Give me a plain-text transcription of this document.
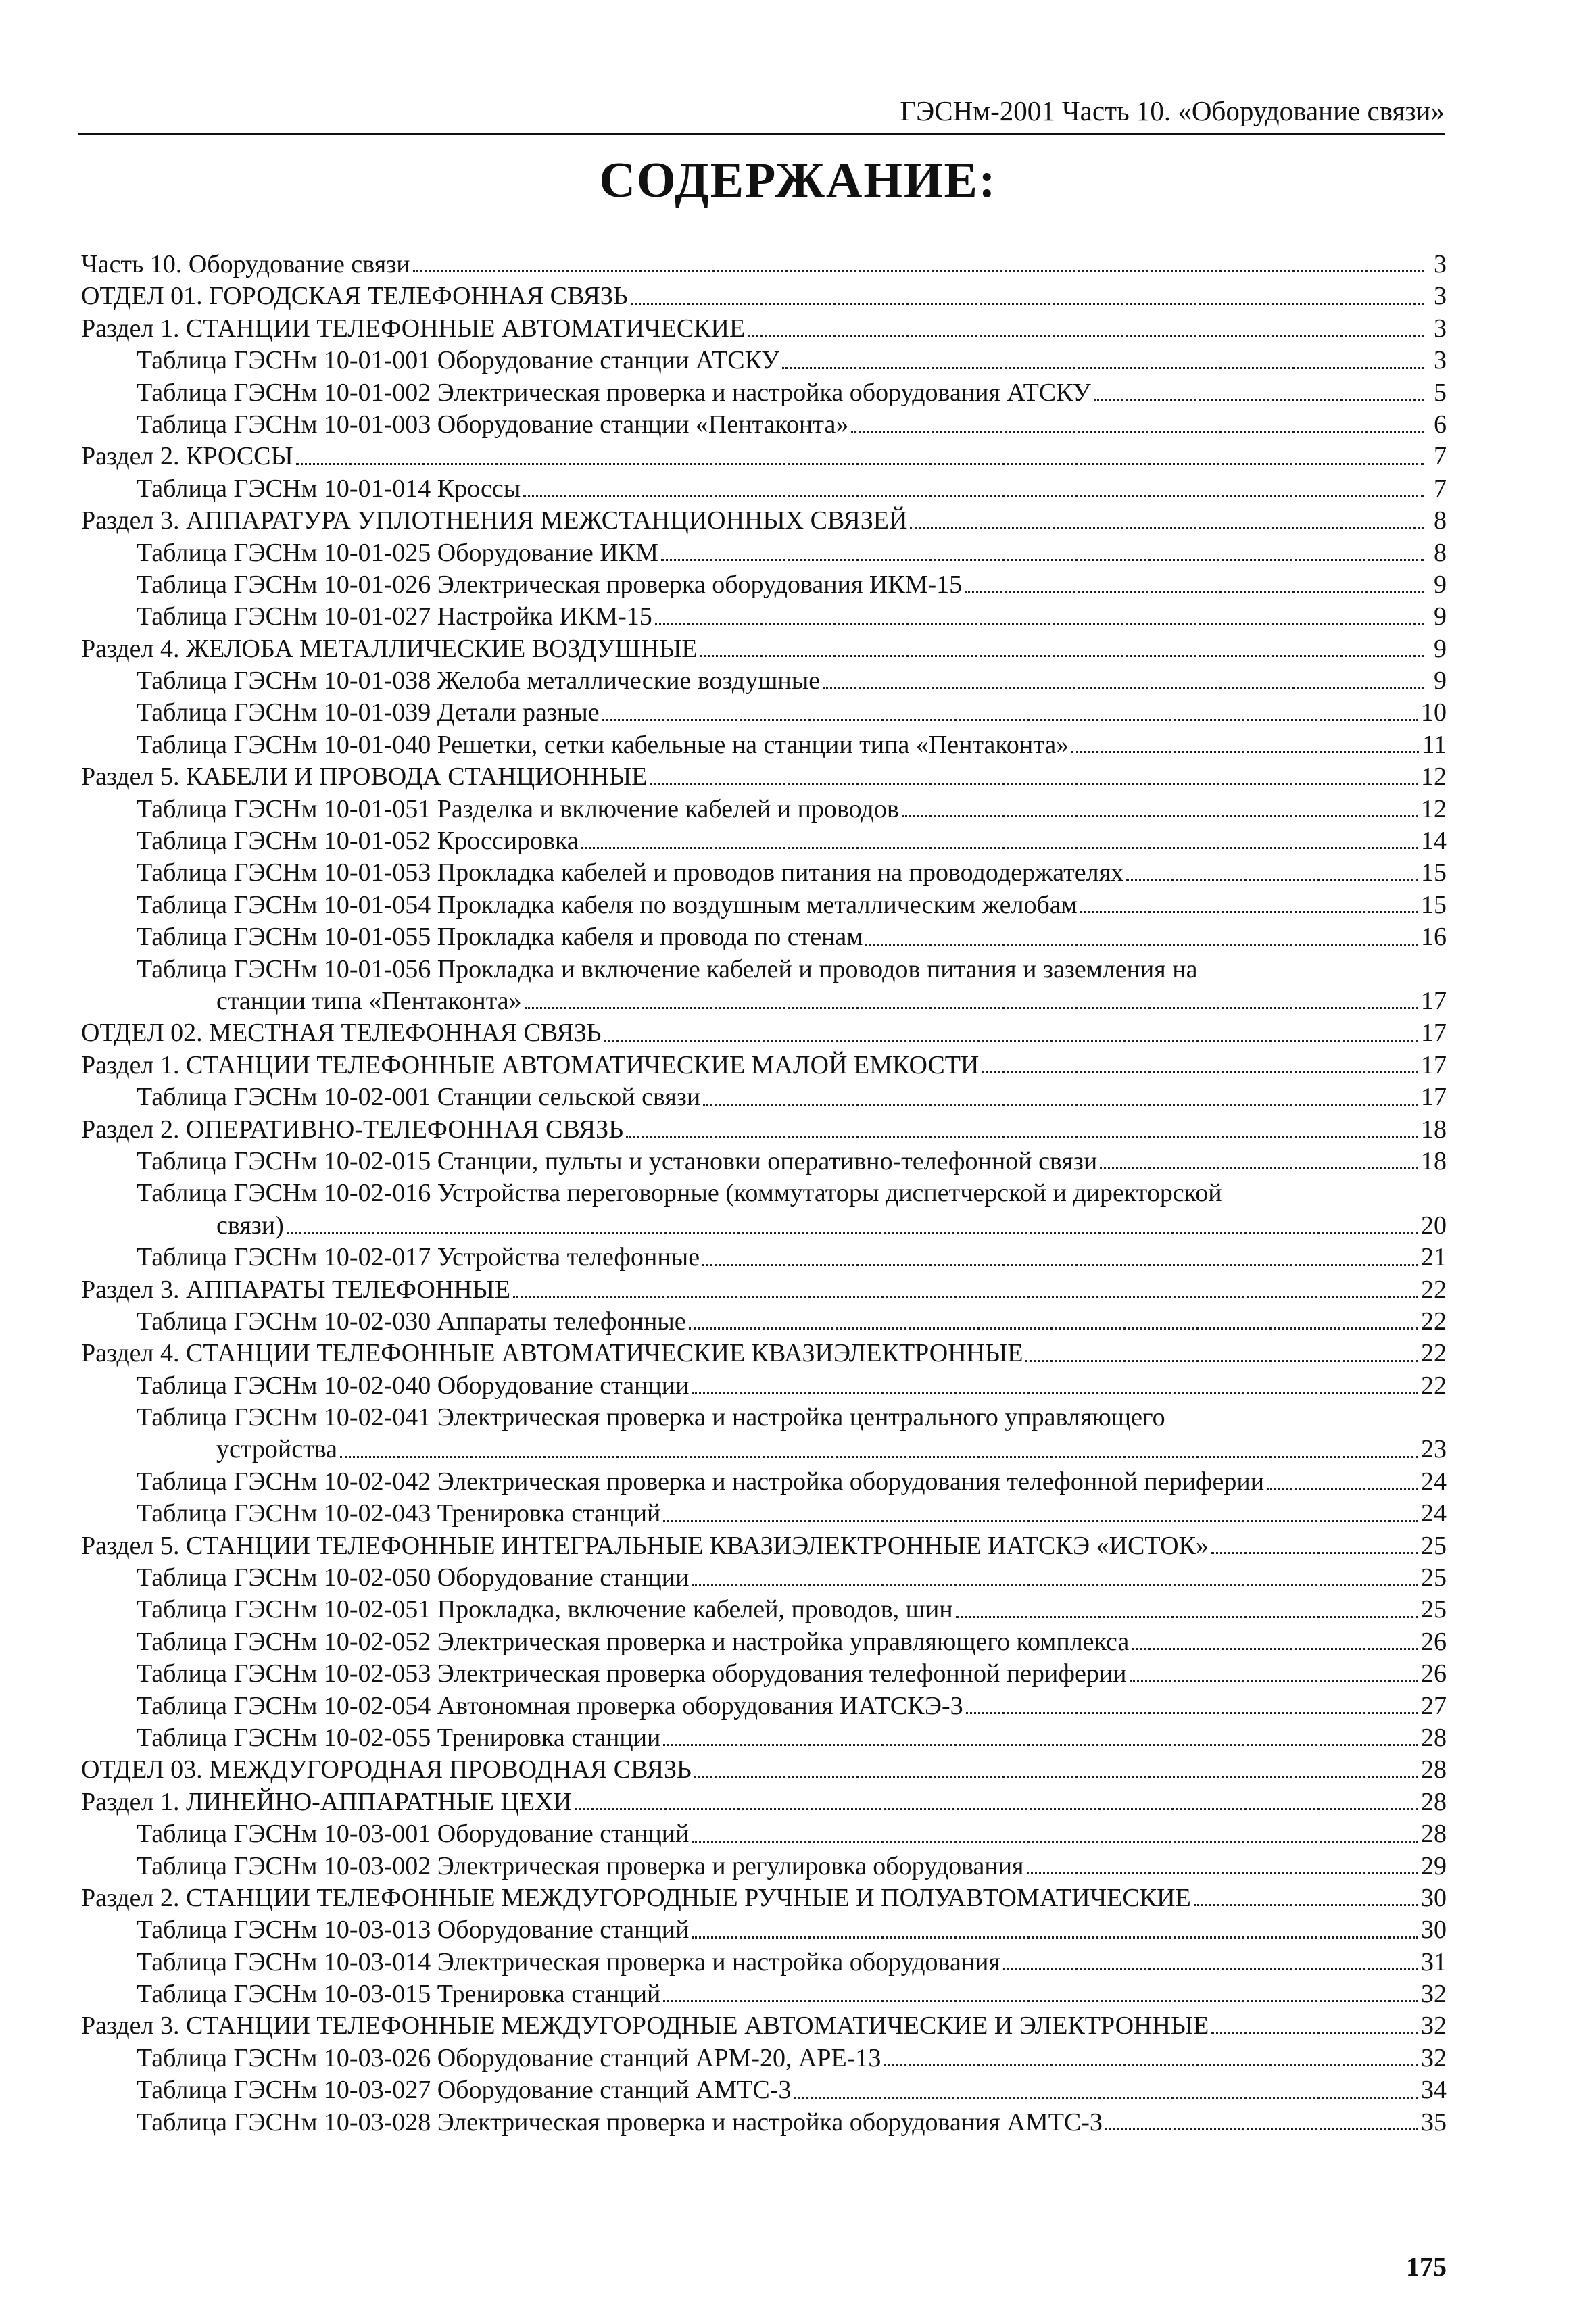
ГЭСНм-2001 Часть 10. «Оборудование связи»
СОДЕРЖАНИЕ:
Часть 10. Оборудование связи	3
ОТДЕЛ 01. ГОРОДСКАЯ ТЕЛЕФОННАЯ СВЯЗЬ	3
Раздел 1. СТАНЦИИ ТЕЛЕФОННЫЕ АВТОМАТИЧЕСКИЕ	3
Таблица ГЭСНм 10-01-001 Оборудование станции АТСКУ	3
Таблица ГЭСНм 10-01-002 Электрическая проверка и настройка оборудования АТСКУ	5
Таблица ГЭСНм 10-01-003 Оборудование станции «Пентаконта»	6
Раздел 2. КРОССЫ	7
Таблица ГЭСНм 10-01-014 Кроссы	7
Раздел 3. АППАРАТУРА УПЛОТНЕНИЯ МЕЖСТАНЦИОННЫХ СВЯЗЕЙ	8
Таблица ГЭСНм 10-01-025 Оборудование ИКМ	8
Таблица ГЭСНм 10-01-026 Электрическая проверка оборудования ИКМ-15	9
Таблица ГЭСНм 10-01-027 Настройка ИКМ-15	9
Раздел 4. ЖЕЛОБА МЕТАЛЛИЧЕСКИЕ ВОЗДУШНЫЕ	9
Таблица ГЭСНм 10-01-038 Желоба металлические воздушные	9
Таблица ГЭСНм 10-01-039 Детали разные	10
Таблица ГЭСНм 10-01-040 Решетки, сетки кабельные на станции типа «Пентаконта»	11
Раздел 5. КАБЕЛИ И ПРОВОДА СТАНЦИОННЫЕ	12
Таблица ГЭСНм 10-01-051 Разделка и включение кабелей и проводов	12
Таблица ГЭСНм 10-01-052 Кроссировка	14
Таблица ГЭСНм 10-01-053 Прокладка кабелей и проводов питания на провододержателях	15
Таблица ГЭСНм 10-01-054 Прокладка кабеля по воздушным металлическим желобам	15
Таблица ГЭСНм 10-01-055 Прокладка кабеля и провода по стенам	16
Таблица ГЭСНм 10-01-056 Прокладка и включение кабелей и проводов питания и заземления на
станции типа «Пентаконта»	17
ОТДЕЛ 02. МЕСТНАЯ ТЕЛЕФОННАЯ СВЯЗЬ	17
Раздел 1. СТАНЦИИ ТЕЛЕФОННЫЕ АВТОМАТИЧЕСКИЕ МАЛОЙ ЕМКОСТИ	17
Таблица ГЭСНм 10-02-001 Станции сельской связи	17
Раздел 2. ОПЕРАТИВНО-ТЕЛЕФОННАЯ СВЯЗЬ	18
Таблица ГЭСНм 10-02-015 Станции, пульты и установки оперативно-телефонной связи	18
Таблица ГЭСНм 10-02-016 Устройства переговорные (коммутаторы диспетчерской и директорской
связи)	20
Таблица ГЭСНм 10-02-017 Устройства телефонные	21
Раздел 3. АППАРАТЫ ТЕЛЕФОННЫЕ	22
Таблица ГЭСНм 10-02-030 Аппараты телефонные	22
Раздел 4. СТАНЦИИ ТЕЛЕФОННЫЕ АВТОМАТИЧЕСКИЕ КВАЗИЭЛЕКТРОННЫЕ	22
Таблица ГЭСНм 10-02-040 Оборудование станции	22
Таблица ГЭСНм 10-02-041 Электрическая проверка и настройка центрального управляющего
устройства	23
Таблица ГЭСНм 10-02-042 Электрическая проверка и настройка оборудования телефонной периферии	24
Таблица ГЭСНм 10-02-043 Тренировка станций	24
Раздел 5. СТАНЦИИ ТЕЛЕФОННЫЕ ИНТЕГРАЛЬНЫЕ КВАЗИЭЛЕКТРОННЫЕ ИАТСКЭ «ИСТОК»	25
Таблица ГЭСНм 10-02-050 Оборудование станции	25
Таблица ГЭСНм 10-02-051 Прокладка, включение кабелей, проводов, шин	25
Таблица ГЭСНм 10-02-052 Электрическая проверка и настройка управляющего комплекса	26
Таблица ГЭСНм 10-02-053 Электрическая проверка оборудования телефонной периферии	26
Таблица ГЭСНм 10-02-054 Автономная проверка оборудования ИАТСКЭ-3	27
Таблица ГЭСНм 10-02-055 Тренировка станции	28
ОТДЕЛ 03. МЕЖДУГОРОДНАЯ ПРОВОДНАЯ СВЯЗЬ	28
Раздел 1. ЛИНЕЙНО-АППАРАТНЫЕ ЦЕХИ	28
Таблица ГЭСНм 10-03-001 Оборудование станций	28
Таблица ГЭСНм 10-03-002 Электрическая проверка и регулировка оборудования	29
Раздел 2. СТАНЦИИ ТЕЛЕФОННЫЕ МЕЖДУГОРОДНЫЕ РУЧНЫЕ И ПОЛУАВТОМАТИЧЕСКИЕ	30
Таблица ГЭСНм 10-03-013 Оборудование станций	30
Таблица ГЭСНм 10-03-014 Электрическая проверка и настройка оборудования	31
Таблица ГЭСНм 10-03-015 Тренировка станций	32
Раздел 3. СТАНЦИИ ТЕЛЕФОННЫЕ МЕЖДУГОРОДНЫЕ АВТОМАТИЧЕСКИЕ И ЭЛЕКТРОННЫЕ	32
Таблица ГЭСНм 10-03-026 Оборудование станций АРМ-20, АРЕ-13	32
Таблица ГЭСНм 10-03-027 Оборудование станций АМТС-3	34
Таблица ГЭСНм 10-03-028 Электрическая проверка и настройка оборудования АМТС-3	35
175
